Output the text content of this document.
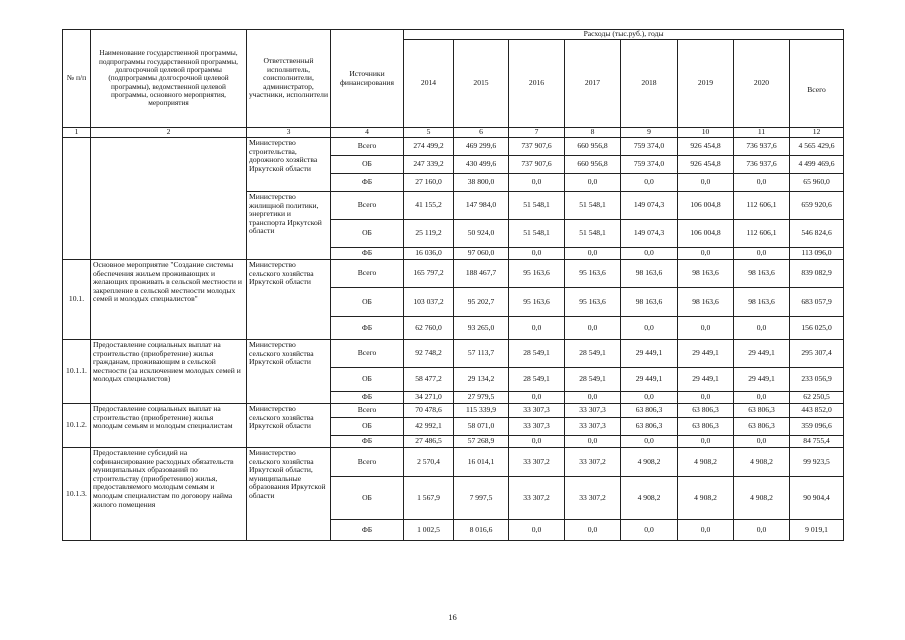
№ п/п	Наименование государственной программы, подпрограммы государственной программы, долгосрочной целевой программы (подпрограммы долгосрочной целевой программы), ведомственной целевой программы, основного мероприятия, мероприятия	Ответственный исполнитель, соисполнители, администратор, участники, исполнители	Источники финансирования	Расходы (тыс.руб.), годы							
				2014	2015	2016	2017	2018	2019	2020	Всего
1	2	3	4	5	6	7	8	9	10	11	12
		Министерство строительства, дорожного хозяйства Иркутской области	Всего	274 499,2	469 299,6	737 907,6	660 956,8	759 374,0	926 454,8	736 937,6	4 565 429,6
			ОБ	247 339,2	430 499,6	737 907,6	660 956,8	759 374,0	926 454,8	736 937,6	4 499 469,6
			ФБ	27 160,0	38 800,0	0,0	0,0	0,0	0,0	0,0	65 960,0
		Министерство жилищной политики, энергетики и транспорта Иркутской области	Всего	41 155,2	147 984,0	51 548,1	51 548,1	149 074,3	106 004,8	112 606,1	659 920,6
			ОБ	25 119,2	50 924,0	51 548,1	51 548,1	149 074,3	106 004,8	112 606,1	546 824,6
			ФБ	16 036,0	97 060,0	0,0	0,0	0,0	0,0	0,0	113 096,0
10.1.	Основное мероприятие "Создание системы обеспечения жильем проживающих и желающих проживать в сельской местности и закрепление в сельской местности молодых семей и молодых специалистов"	Министерство сельского хозяйства Иркутской области	Всего	165 797,2	188 467,7	95 163,6	95 163,6	98 163,6	98 163,6	98 163,6	839 082,9
			ОБ	103 037,2	95 202,7	95 163,6	95 163,6	98 163,6	98 163,6	98 163,6	683 057,9
			ФБ	62 760,0	93 265,0	0,0	0,0	0,0	0,0	0,0	156 025,0
10.1.1.	Предоставление социальных выплат на строительство (приобретение) жилья гражданам, проживающим в сельской местности (за исключением молодых семей и молодых специалистов)	Министерство сельского хозяйства Иркутской области	Всего	92 748,2	57 113,7	28 549,1	28 549,1	29 449,1	29 449,1	29 449,1	295 307,4
			ОБ	58 477,2	29 134,2	28 549,1	28 549,1	29 449,1	29 449,1	29 449,1	233 056,9
			ФБ	34 271,0	27 979,5	0,0	0,0	0,0	0,0	0,0	62 250,5
10.1.2.	Предоставление социальных выплат на строительство (приобретение) жилья молодым семьям и молодым специалистам	Министерство сельского хозяйства Иркутской области	Всего	70 478,6	115 339,9	33 307,3	33 307,3	63 806,3	63 806,3	63 806,3	443 852,0
			ОБ	42 992,1	58 071,0	33 307,3	33 307,3	63 806,3	63 806,3	63 806,3	359 096,6
			ФБ	27 486,5	57 268,9	0,0	0,0	0,0	0,0	0,0	84 755,4
10.1.3.	Предоставление субсидий на софинансирование расходных обязательств муниципальных образований по строительству (приобретению) жилья, предоставляемого молодым семьям и молодым специалистам по договору найма жилого помещения	Министерство сельского хозяйства Иркутской области, муниципальные образования Иркутской области	Всего	2 570,4	16 014,1	33 307,2	33 307,2	4 908,2	4 908,2	4 908,2	99 923,5
			ОБ	1 567,9	7 997,5	33 307,2	33 307,2	4 908,2	4 908,2	4 908,2	90 904,4
			ФБ	1 002,5	8 016,6	0,0	0,0	0,0	0,0	0,0	9 019,1
16
